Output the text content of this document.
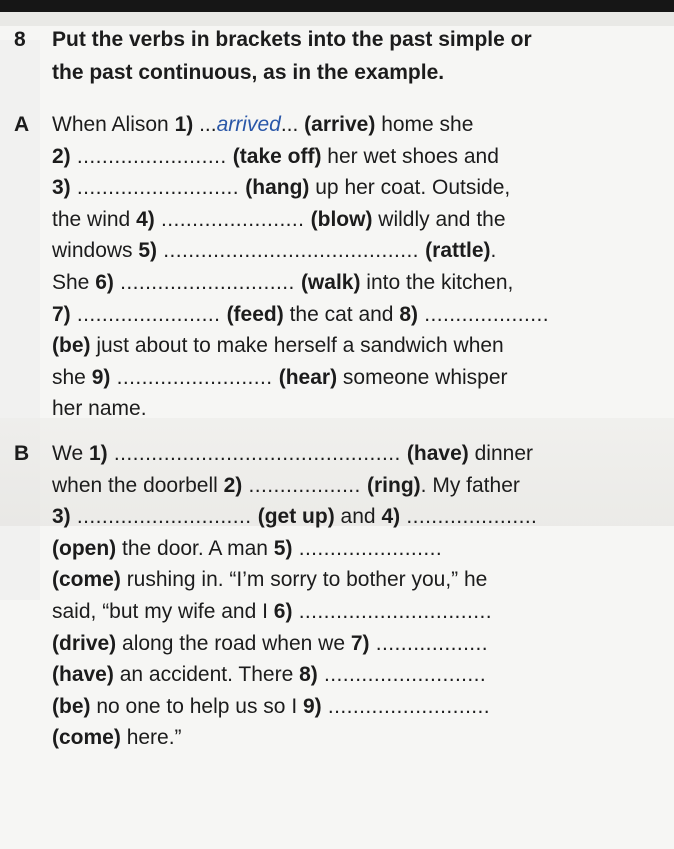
8 Put the verbs in brackets into the past simple or
the past continuous, as in the example.
A When Alison 1) ...arrived... (arrive) home she
2) ........................ (take off) her wet shoes and
3) .......................... (hang) up her coat. Outside,
the wind 4) ....................... (blow) wildly and the
windows 5) ......................................... (rattle).
She 6) ............................ (walk) into the kitchen,
7) ....................... (feed) the cat and 8) ....................
(be) just about to make herself a sandwich when
she 9) ......................... (hear) someone whisper
her name.
B We 1) .............................................. (have) dinner
when the doorbell 2) .................. (ring). My father
3) ............................ (get up) and 4) .....................
(open) the door. A man 5) .......................
(come) rushing in. “I’m sorry to bother you,” he
said, “but my wife and I 6) ...............................
(drive) along the road when we 7) ..................
(have) an accident. There 8) ..........................
(be) no one to help us so I 9) ..........................
(come) here.”
